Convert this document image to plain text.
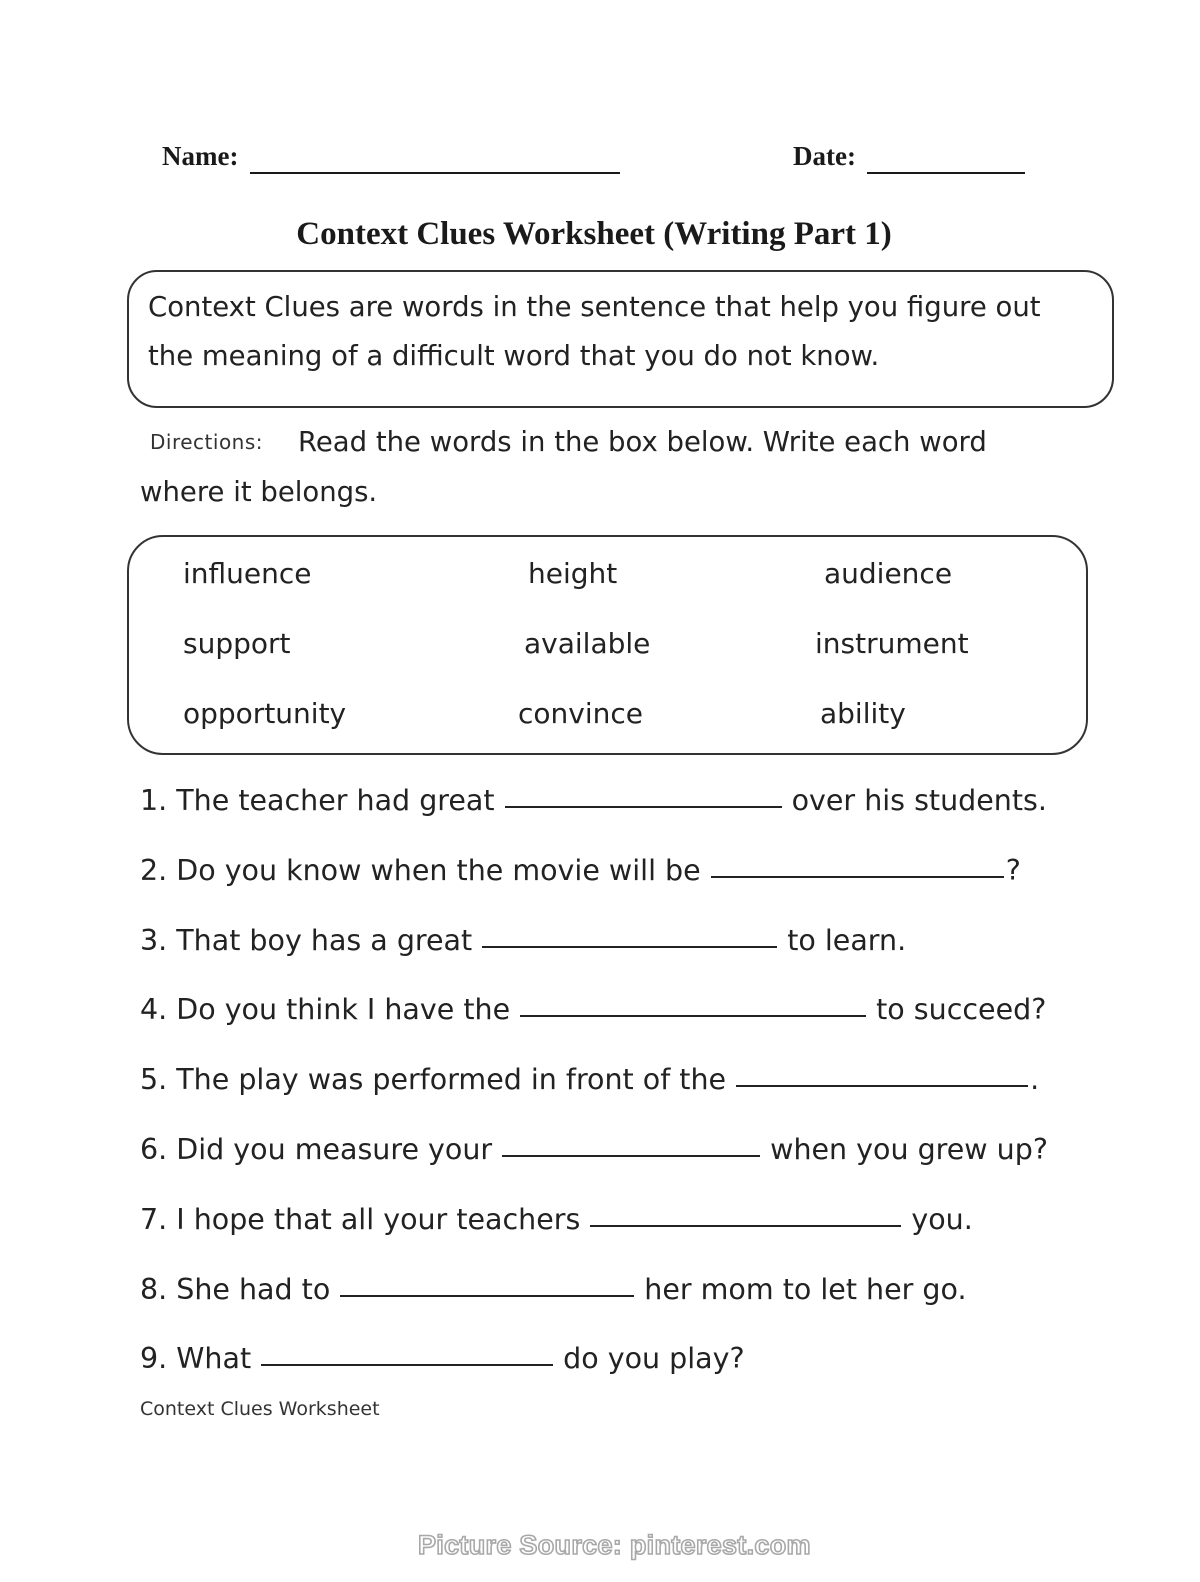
Name:	Date:
Context Clues Worksheet (Writing Part 1)
Context Clues are words in the sentence that help you figure out
the meaning of a difficult word that you do not know.
Directions: Read the words in the box below. Write each word
where it belongs.
influence	height	audience
support	available	instrument
opportunity	convince	ability
1. The teacher had great	over his students.
2. Do you know when the movie will be	?
3. That boy has a great	to learn.
4. Do you think I have the	to succeed?
5. The play was performed in front of the	.
6. Did you measure your	when you grew up?
7. I hope that all your teachers	you.
8. She had to	her mom to let her go.
9. What	do you play?
Context Clues Worksheet
Picture Source: pinterest.com
